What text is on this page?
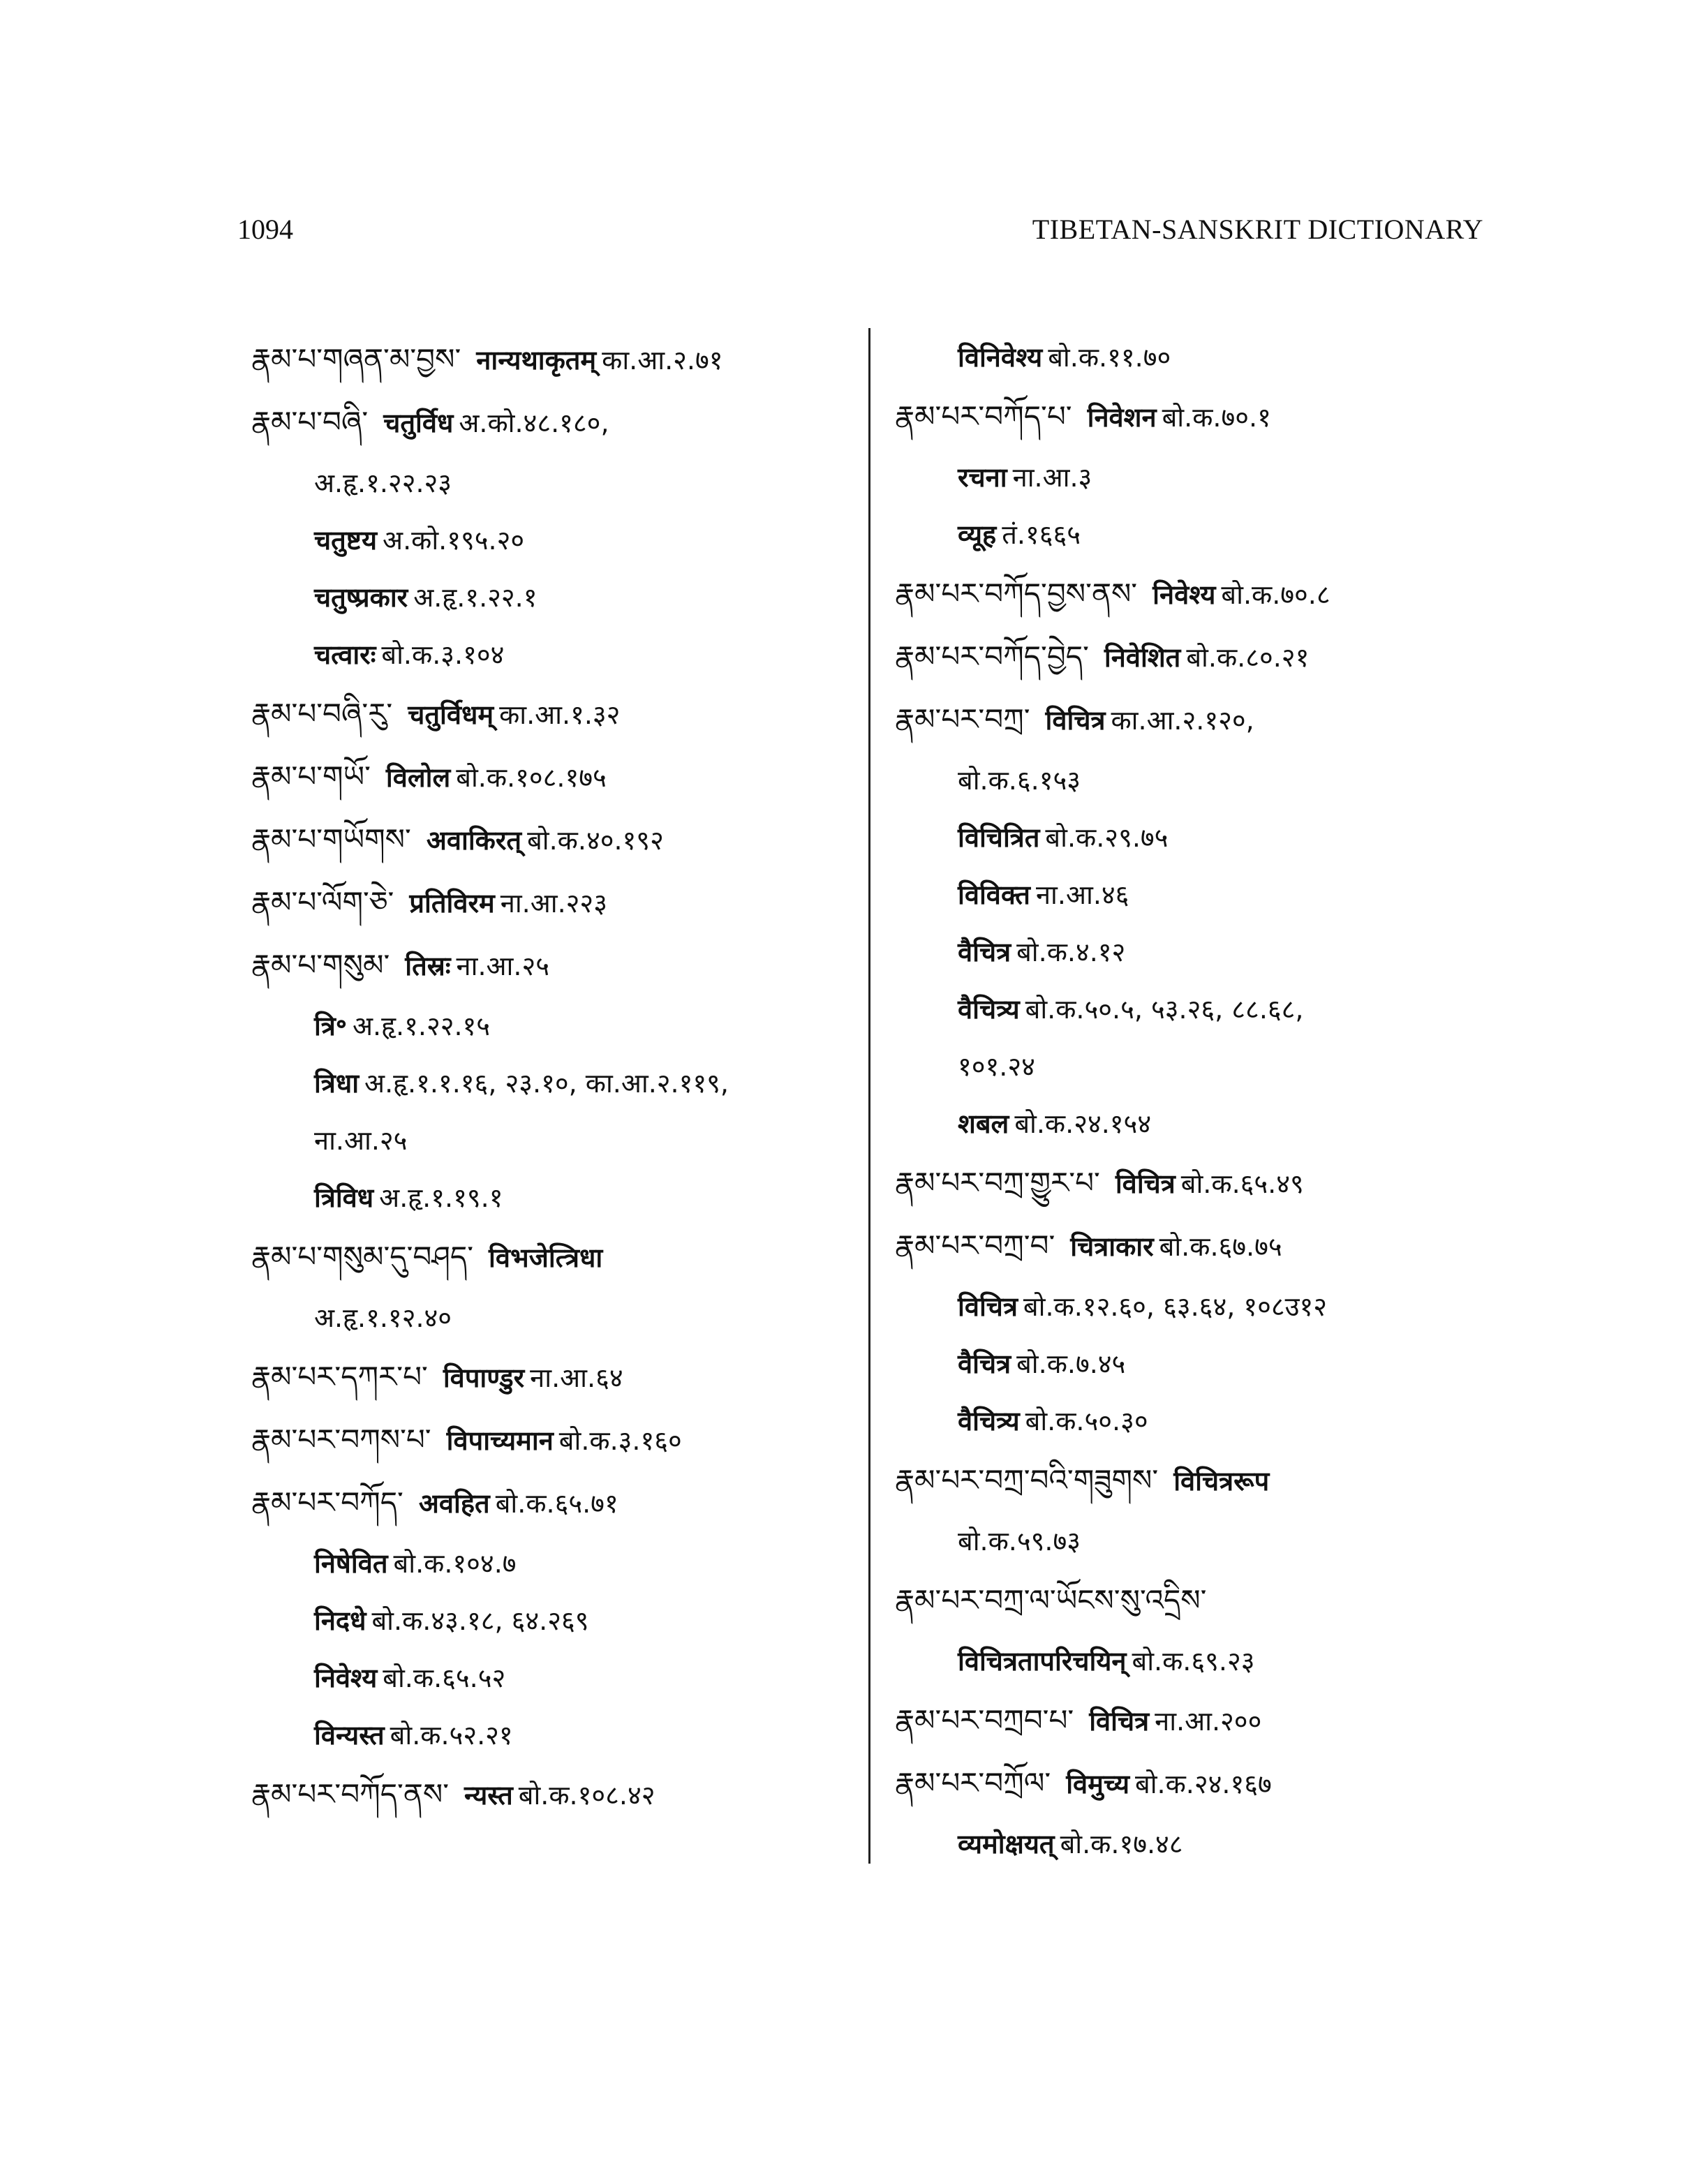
1094	TIBETAN-SANSKRIT DICTIONARY
རྣམ་པ་གཞན་མ་བྱས་ नान्यथाकृतम् का.आ.२.७१
རྣམ་པ་བཞི་ चतुर्विध अ.को.४८.१८०,
अ.हृ.१.२२.२३
चतुष्टय अ.को.१९५.२०
चतुष्प्रकार अ.हृ.१.२२.१
चत्वारः बो.क.३.१०४
རྣམ་པ་བཞི་རུ་ चतुर्विधम् का.आ.१.३२
རྣམ་པ་གཡོ་ विलोल बो.क.१०८.१७५
རྣམ་པ་གཡོགས་ अवाकिरत् बो.क.४०.१९२
རྣམ་པ་ལོག་ཅེ་ प्रतिविरम ना.आ.२२३
རྣམ་པ་གསུམ་ तिस्रः ना.आ.२५
त्रि॰ अ.हृ.१.२२.१५
त्रिधा अ.हृ.१.१.१६, २३.१०, का.आ.२.११९,
ना.आ.२५
त्रिविध अ.हृ.१.१९.१
རྣམ་པ་གསུམ་དུ་བཤད་ विभजेत्त्रिधा
अ.हृ.१.१२.४०
རྣམ་པར་དཀར་པ་ विपाण्डुर ना.आ.६४
རྣམ་པར་བཀས་པ་ विपाच्यमान बो.क.३.१६०
རྣམ་པར་བཀོད་ अवहित बो.क.६५.७१
निषेवित बो.क.१०४.७
निदधे बो.क.४३.१८, ६४.२६९
निवेश्य बो.क.६५.५२
विन्यस्त बो.क.५२.२१
རྣམ་པར་བཀོད་ནས་ न्यस्त बो.क.१०८.४२
विनिवेश्य बो.क.११.७०
རྣམ་པར་བཀོད་པ་ निवेशन बो.क.७०.१
रचना ना.आ.३
व्यूह तं.१६६५
རྣམ་པར་བཀོད་བྱས་ནས་ निवेश्य बो.क.७०.८
རྣམ་པར་བཀོད་བྱེད་ निवेशित बो.क.८०.२१
རྣམ་པར་བཀྲ་ विचित्र का.आ.२.१२०,
बो.क.६.१५३
विचित्रित बो.क.२९.७५
विविक्त ना.आ.४६
वैचित्र बो.क.४.१२
वैचित्र्य बो.क.५०.५, ५३.२६, ८८.६८,
१०१.२४
शबल बो.क.२४.१५४
རྣམ་པར་བཀྲ་གྱུར་པ་ विचित्र बो.क.६५.४९
རྣམ་པར་བཀྲ་བ་ चित्राकार बो.क.६७.७५
विचित्र बो.क.१२.६०, ६३.६४, १०८उ१२
वैचित्र बो.क.७.४५
वैचित्र्य बो.क.५०.३०
རྣམ་པར་བཀྲ་བའི་གཟུགས་ विचित्ररूप
बो.क.५९.७३
རྣམ་པར་བཀྲ་ལ་ཡོངས་སུ་འདྲིས་
विचित्रतापरिचयिन् बो.क.६९.२३
རྣམ་པར་བཀྲབ་པ་ विचित्र ना.आ.२००
རྣམ་པར་བཀྲོལ་ विमुच्य बो.क.२४.१६७
व्यमोक्षयत् बो.क.१७.४८
